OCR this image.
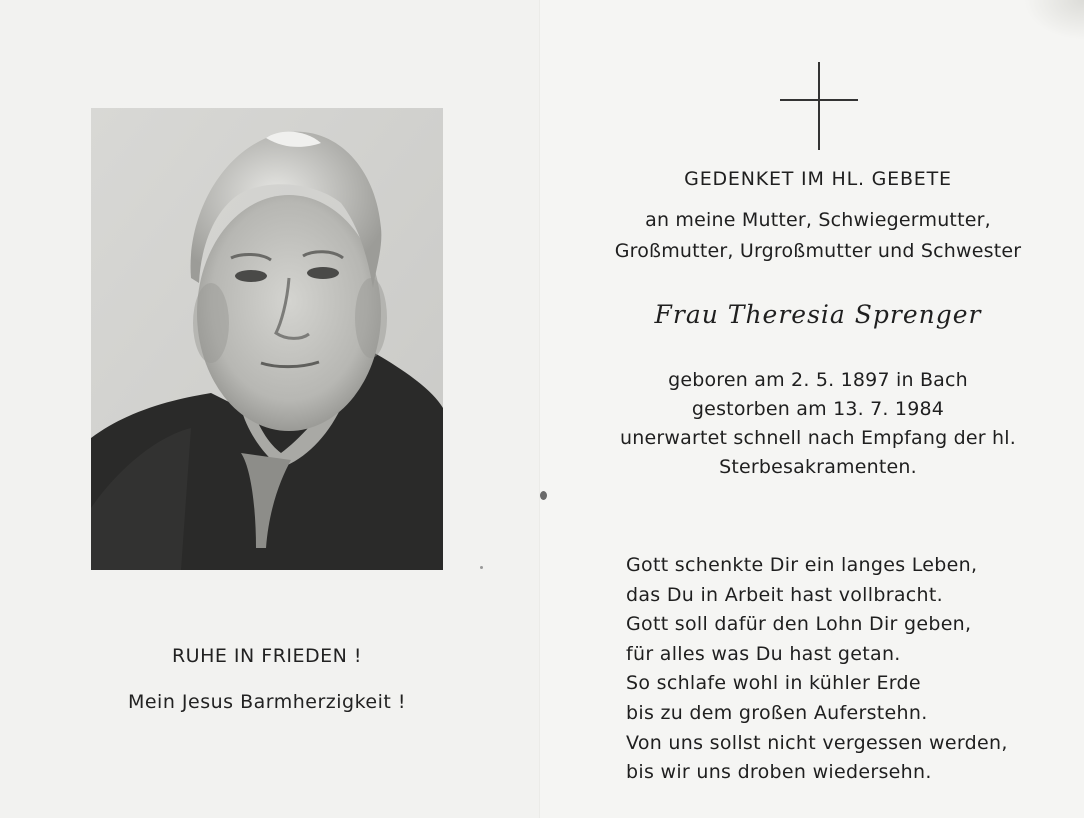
RUHE IN FRIEDEN !
Mein Jesus Barmherzigkeit !
GEDENKET IM HL. GEBETE
an meine Mutter, Schwiegermutter,
Großmutter, Urgroßmutter und Schwester
Frau Theresia Sprenger
geboren am 2. 5. 1897 in Bach
gestorben am 13. 7. 1984
unerwartet schnell nach Empfang der hl.
Sterbesakramenten.
Gott schenkte Dir ein langes Leben,
das Du in Arbeit hast vollbracht.
Gott soll dafür den Lohn Dir geben,
für alles was Du hast getan.
So schlafe wohl in kühler Erde
bis zu dem großen Auferstehn.
Von uns sollst nicht vergessen werden,
bis wir uns droben wiedersehn.
